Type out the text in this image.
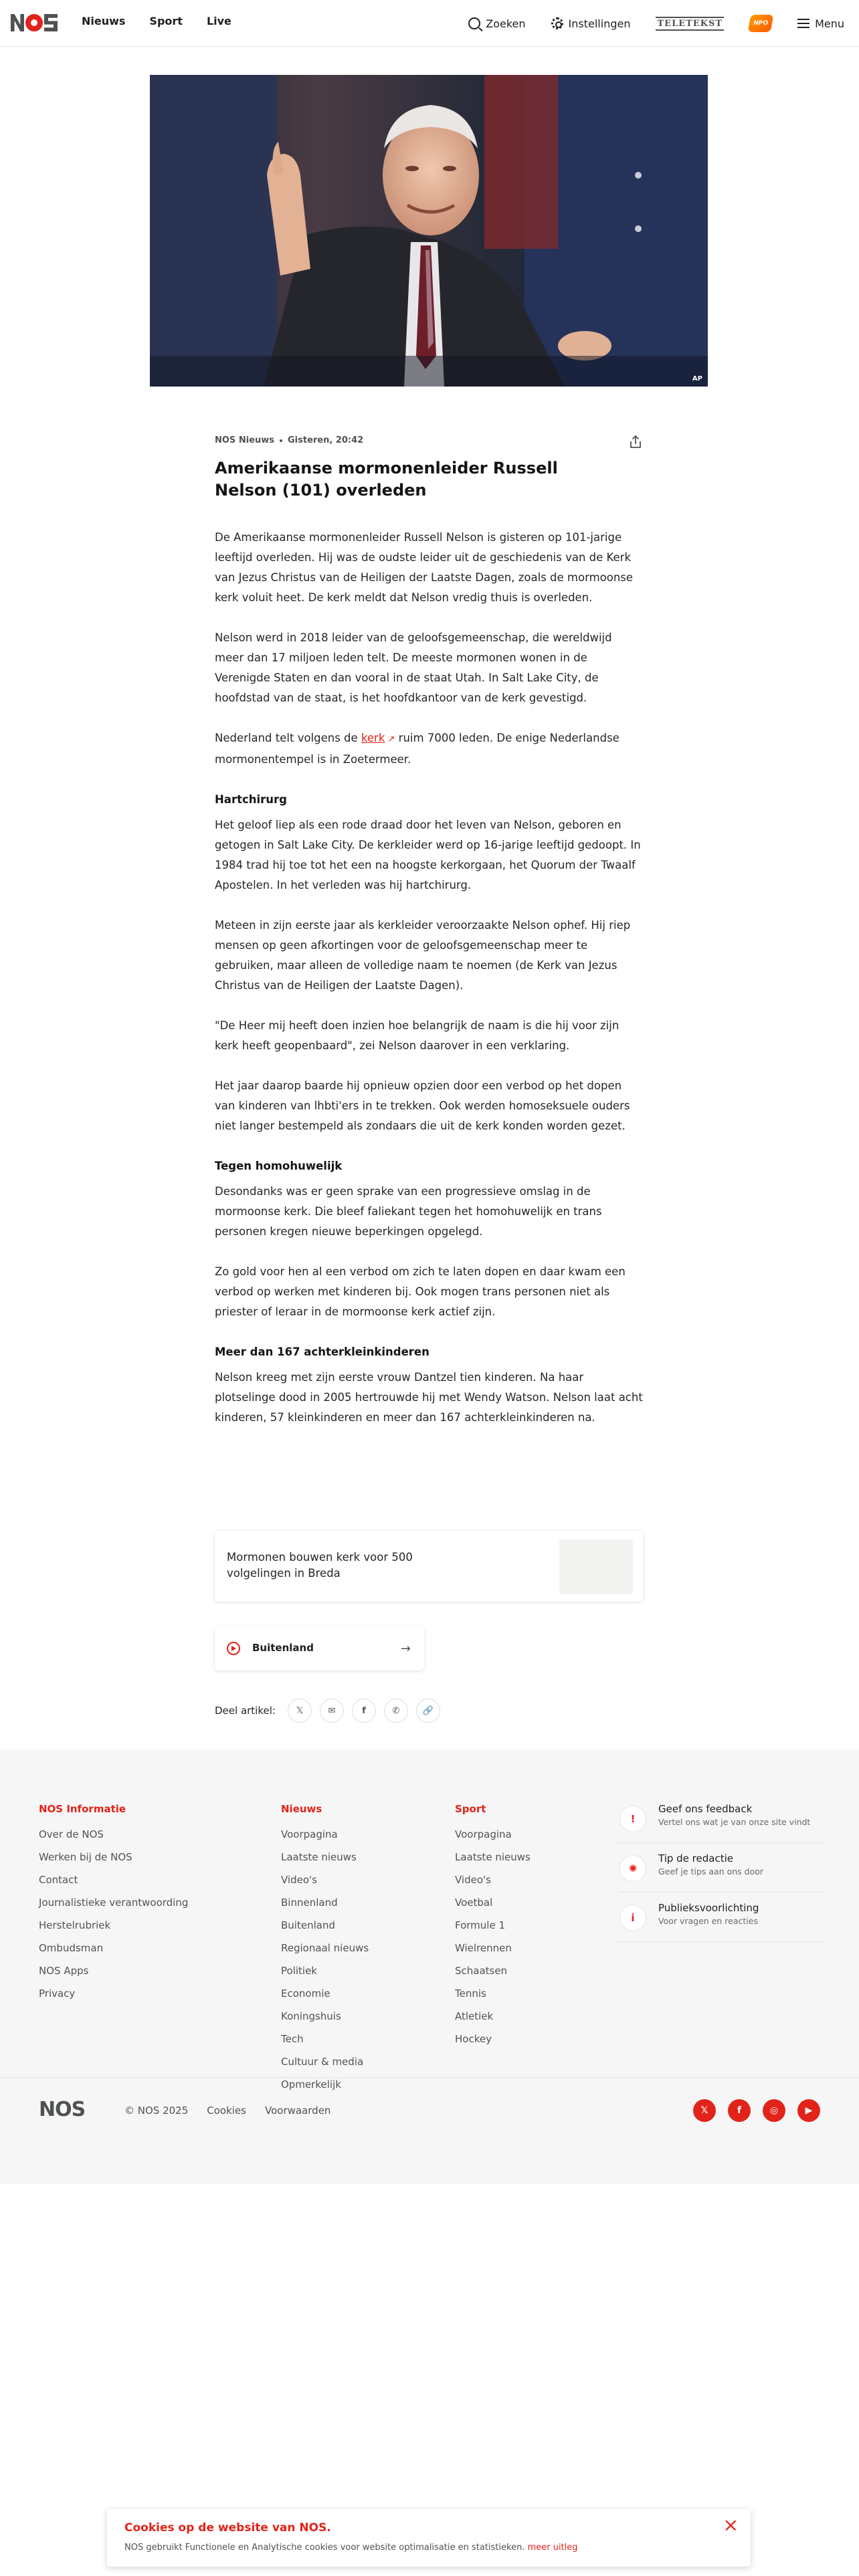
Nieuws Sport Live	Zoeken	Instellingen	TELETEKST	NPO	Menu
AP
NOS Nieuws Gisteren, 20:42
Amerikaanse mormonenleider Russell Nelson (101) overleden

De Amerikaanse mormonenleider Russell Nelson is gisteren op 101-jarige leeftijd overleden. Hij was de oudste leider uit de geschiedenis van de Kerk van Jezus Christus van de Heiligen der Laatste Dagen, zoals de mormoonse kerk voluit heet. De kerk meldt dat Nelson vredig thuis is overleden.

Nelson werd in 2018 leider van de geloofsgemeenschap, die wereldwijd meer dan 17 miljoen leden telt. De meeste mormonen wonen in de Verenigde Staten en dan vooral in de staat Utah. In Salt Lake City, de hoofdstad van de staat, is het hoofdkantoor van de kerk gevestigd.

Nederland telt volgens de kerk ↗ ruim 7000 leden. De enige Nederlandse mormonentempel is in Zoetermeer.

Hartchirurg

Het geloof liep als een rode draad door het leven van Nelson, geboren en getogen in Salt Lake City. De kerkleider werd op 16-jarige leeftijd gedoopt. In 1984 trad hij toe tot het een na hoogste kerkorgaan, het Quorum der Twaalf Apostelen. In het verleden was hij hartchirurg.

Meteen in zijn eerste jaar als kerkleider veroorzaakte Nelson ophef. Hij riep mensen op geen afkortingen voor de geloofsgemeenschap meer te gebruiken, maar alleen de volledige naam te noemen (de Kerk van Jezus Christus van de Heiligen der Laatste Dagen).

"De Heer mij heeft doen inzien hoe belangrijk de naam is die hij voor zijn kerk heeft geopenbaard", zei Nelson daarover in een verklaring.

Het jaar daarop baarde hij opnieuw opzien door een verbod op het dopen van kinderen van lhbti'ers in te trekken. Ook werden homoseksuele ouders niet langer bestempeld als zondaars die uit de kerk konden worden gezet.

Tegen homohuwelijk

Desondanks was er geen sprake van een progressieve omslag in de mormoonse kerk. Die bleef faliekant tegen het homohuwelijk en trans personen kregen nieuwe beperkingen opgelegd.

Zo gold voor hen al een verbod om zich te laten dopen en daar kwam een verbod op werken met kinderen bij. Ook mogen trans personen niet als priester of leraar in de mormoonse kerk actief zijn.

Meer dan 167 achterkleinkinderen

Nelson kreeg met zijn eerste vrouw Dantzel tien kinderen. Na haar plotselinge dood in 2005 hertrouwde hij met Wendy Watson. Nelson laat acht kinderen, 57 kleinkinderen en meer dan 167 achterkleinkinderen na.

Mormonen bouwen kerk voor 500 volgelingen in Breda
Buitenland	→
Deel artikel: 𝕏	✉	f	✆	🔗
NOS Informatie
Over de NOS
Werken bij de NOS
Contact
Journalistieke verantwoording
Herstelrubriek
Ombudsman
NOS Apps
Privacy
Nieuws
Voorpagina
Laatste nieuws
Video's
Binnenland
Buitenland
Regionaal nieuws
Politiek
Economie
Koningshuis
Tech
Cultuur & media
Opmerkelijk
Sport
Voorpagina
Laatste nieuws
Video's
Voetbal
Formule 1
Wielrennen
Schaatsen
Tennis
Atletiek
Hockey
!
Geef ons feedback
Vertel ons wat je van onze site vindt
✺
Tip de redactie
Geef je tips aan ons door
i
Publieksvoorlichting
Voor vragen en reacties
NOS	© NOS 2025 Cookies Voorwaarden	𝕏	f	◎	▶
Cookies op de website van NOS.
NOS gebruikt Functionele en Analytische cookies voor website optimalisatie en statistieken. meer uitleg
×
